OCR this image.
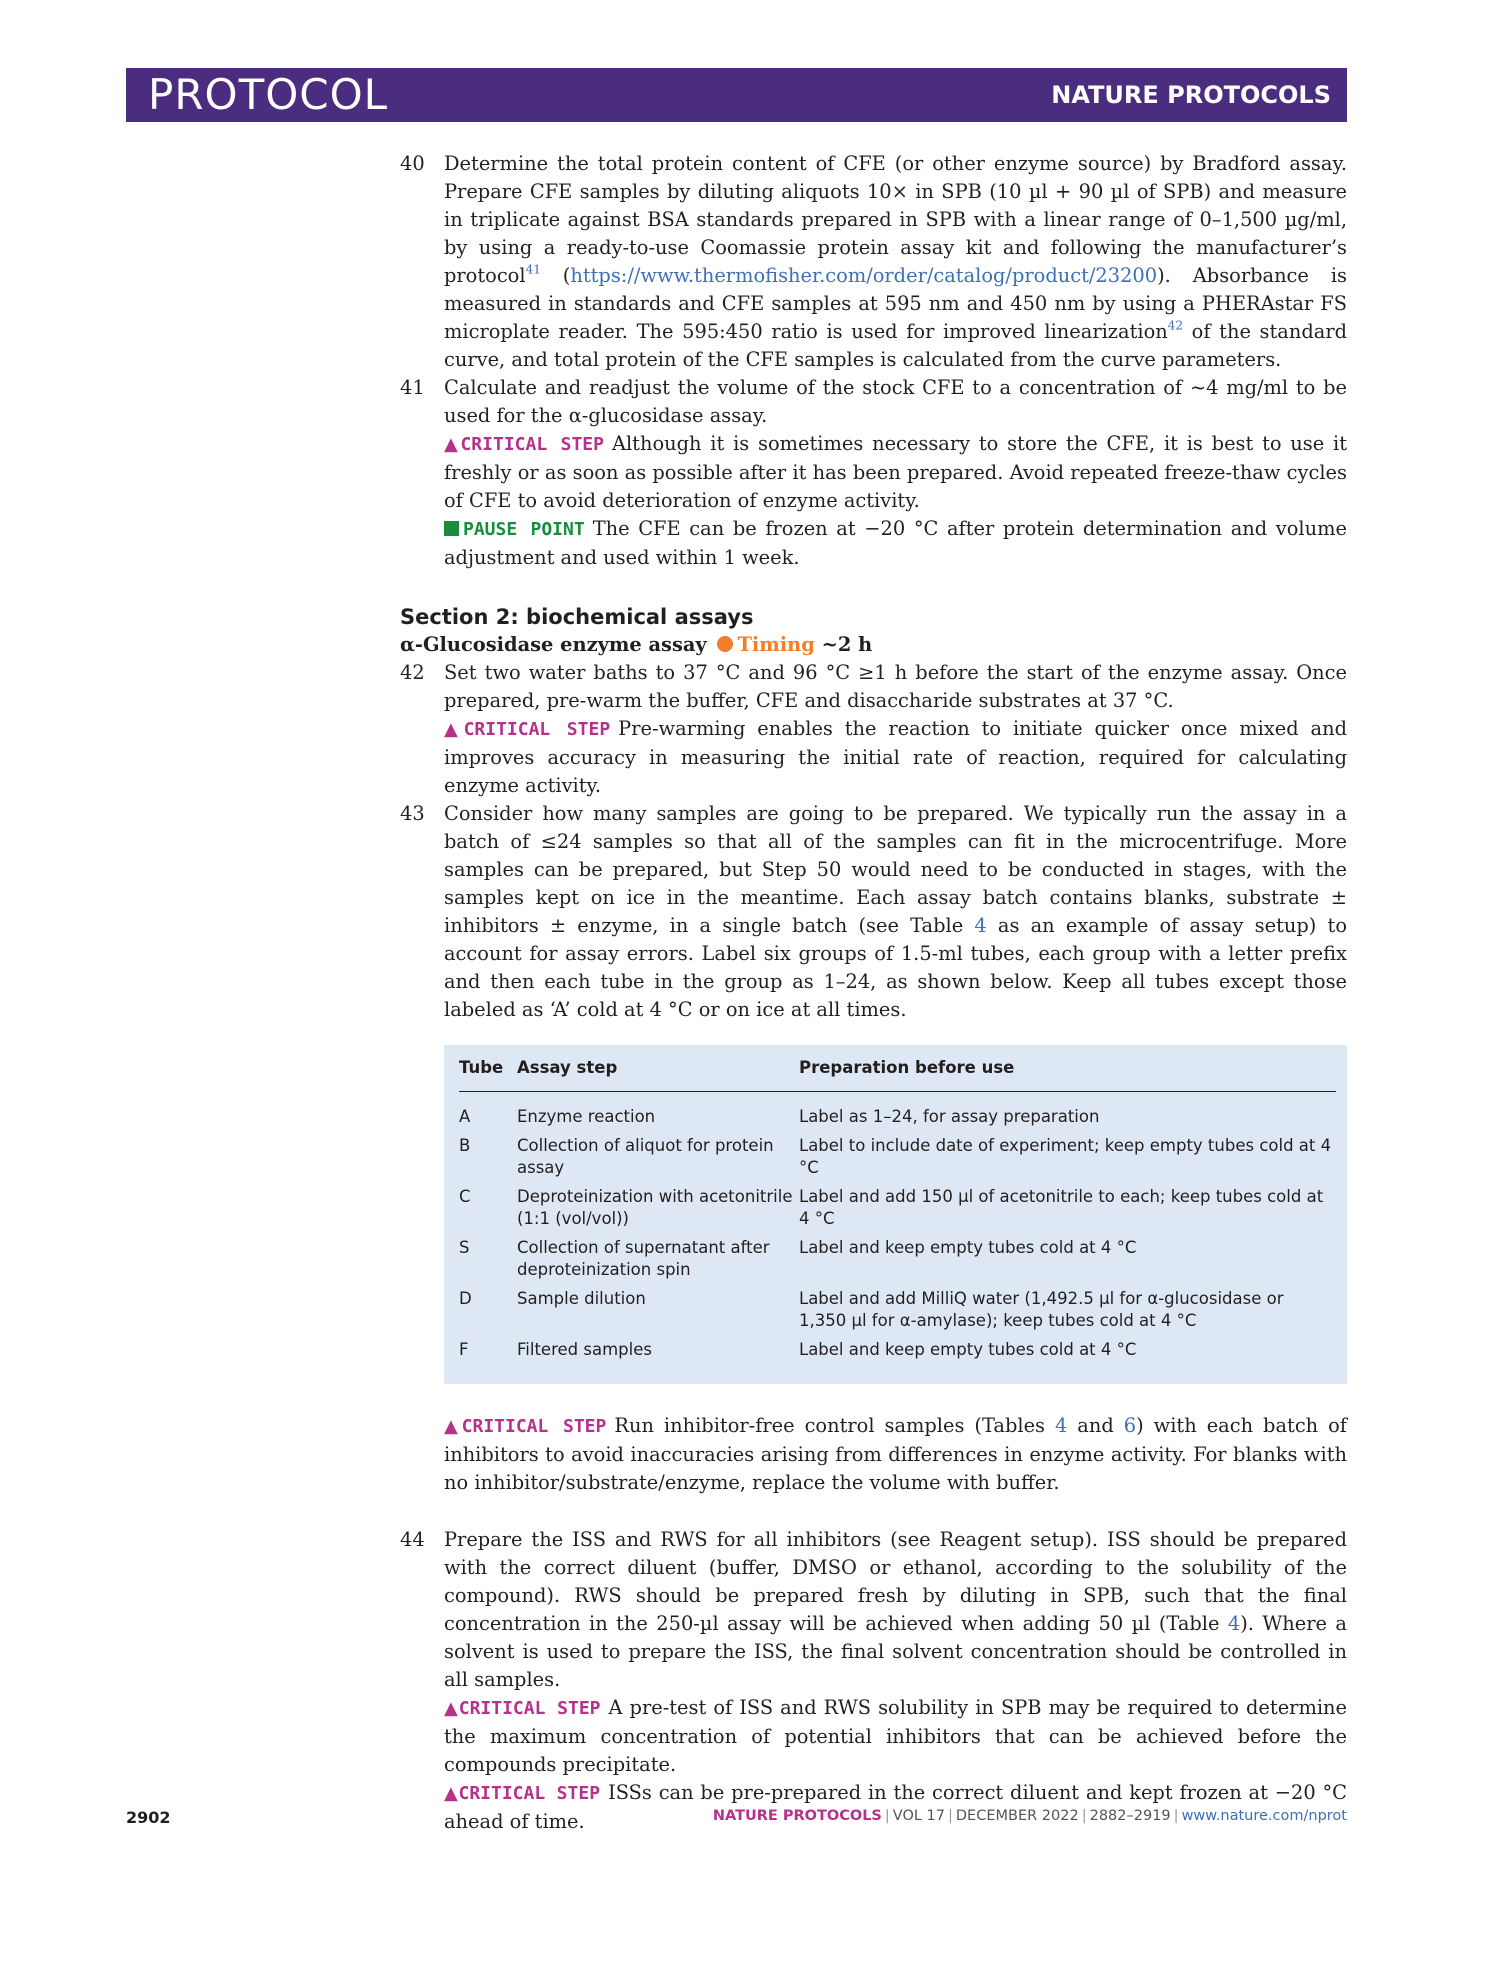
PROTOCOL	NATURE PROTOCOLS
40 Determine the total protein content of CFE (or other enzyme source) by Bradford assay. Prepare CFE samples by diluting aliquots 10× in SPB (10 µl + 90 µl of SPB) and measure in triplicate against BSA standards prepared in SPB with a linear range of 0–1,500 µg/ml, by using a ready-to-use Coomassie protein assay kit and following the manufacturer’s protocol$^{41}$ (https://www.thermofisher.com/order/catalog/product/23200). Absorbance is measured in standards and CFE samples at 595 nm and 450 nm by using a PHERAstar FS microplate reader. The 595:450 ratio is used for improved linearization$^{42}$ of the standard curve, and total protein of the CFE samples is calculated from the curve parameters.
41 Calculate and readjust the volume of the stock CFE to a concentration of ~4 mg/ml to be used for the α-glucosidase assay.
▲CRITICAL STEP Although it is sometimes necessary to store the CFE, it is best to use it freshly or as soon as possible after it has been prepared. Avoid repeated freeze-thaw cycles of CFE to avoid deterioration of enzyme activity.
PAUSE POINT The CFE can be frozen at −20 °C after protein determination and volume adjustment and used within 1 week.
Section 2: biochemical assays
α-Glucosidase enzyme assay Timing ~2 h
42 Set two water baths to 37 °C and 96 °C ≥1 h before the start of the enzyme assay. Once prepared, pre-warm the buffer, CFE and disaccharide substrates at 37 °C.
▲CRITICAL STEP Pre-warming enables the reaction to initiate quicker once mixed and improves accuracy in measuring the initial rate of reaction, required for calculating enzyme activity.
43 Consider how many samples are going to be prepared. We typically run the assay in a batch of ≤24 samples so that all of the samples can fit in the microcentrifuge. More samples can be prepared, but Step 50 would need to be conducted in stages, with the samples kept on ice in the meantime. Each assay batch contains blanks, substrate ± inhibitors ± enzyme, in a single batch (see Table 4 as an example of assay setup) to account for assay errors. Label six groups of 1.5-ml tubes, each group with a letter prefix and then each tube in the group as 1–24, as shown below. Keep all tubes except those labeled as ‘A’ cold at 4 °C or on ice at all times.
Tube	Assay step	Preparation before use
A	Enzyme reaction	Label as 1–24, for assay preparation
B	Collection of aliquot for protein assay	Label to include date of experiment; keep empty tubes cold at 4 °C
C	Deproteinization with acetonitrile (1:1 (vol/vol))	Label and add 150 µl of acetonitrile to each; keep tubes cold at 4 °C
S	Collection of supernatant after deproteinization spin	Label and keep empty tubes cold at 4 °C
D	Sample dilution	Label and add MilliQ water (1,492.5 µl for α-glucosidase or 1,350 µl for α-amylase); keep tubes cold at 4 °C
F	Filtered samples	Label and keep empty tubes cold at 4 °C
▲CRITICAL STEP Run inhibitor-free control samples (Tables 4 and 6) with each batch of inhibitors to avoid inaccuracies arising from differences in enzyme activity. For blanks with no inhibitor/substrate/enzyme, replace the volume with buffer.
44 Prepare the ISS and RWS for all inhibitors (see Reagent setup). ISS should be prepared with the correct diluent (buffer, DMSO or ethanol, according to the solubility of the compound). RWS should be prepared fresh by diluting in SPB, such that the final concentration in the 250-µl assay will be achieved when adding 50 µl (Table 4). Where a solvent is used to prepare the ISS, the final solvent concentration should be controlled in all samples.
▲CRITICAL STEP A pre-test of ISS and RWS solubility in SPB may be required to determine the maximum concentration of potential inhibitors that can be achieved before the compounds precipitate.
▲CRITICAL STEP ISSs can be pre-prepared in the correct diluent and kept frozen at −20 °C ahead of time.
2902	NATURE PROTOCOLS | VOL 17 | DECEMBER 2022 | 2882–2919 | www.nature.com/nprot
